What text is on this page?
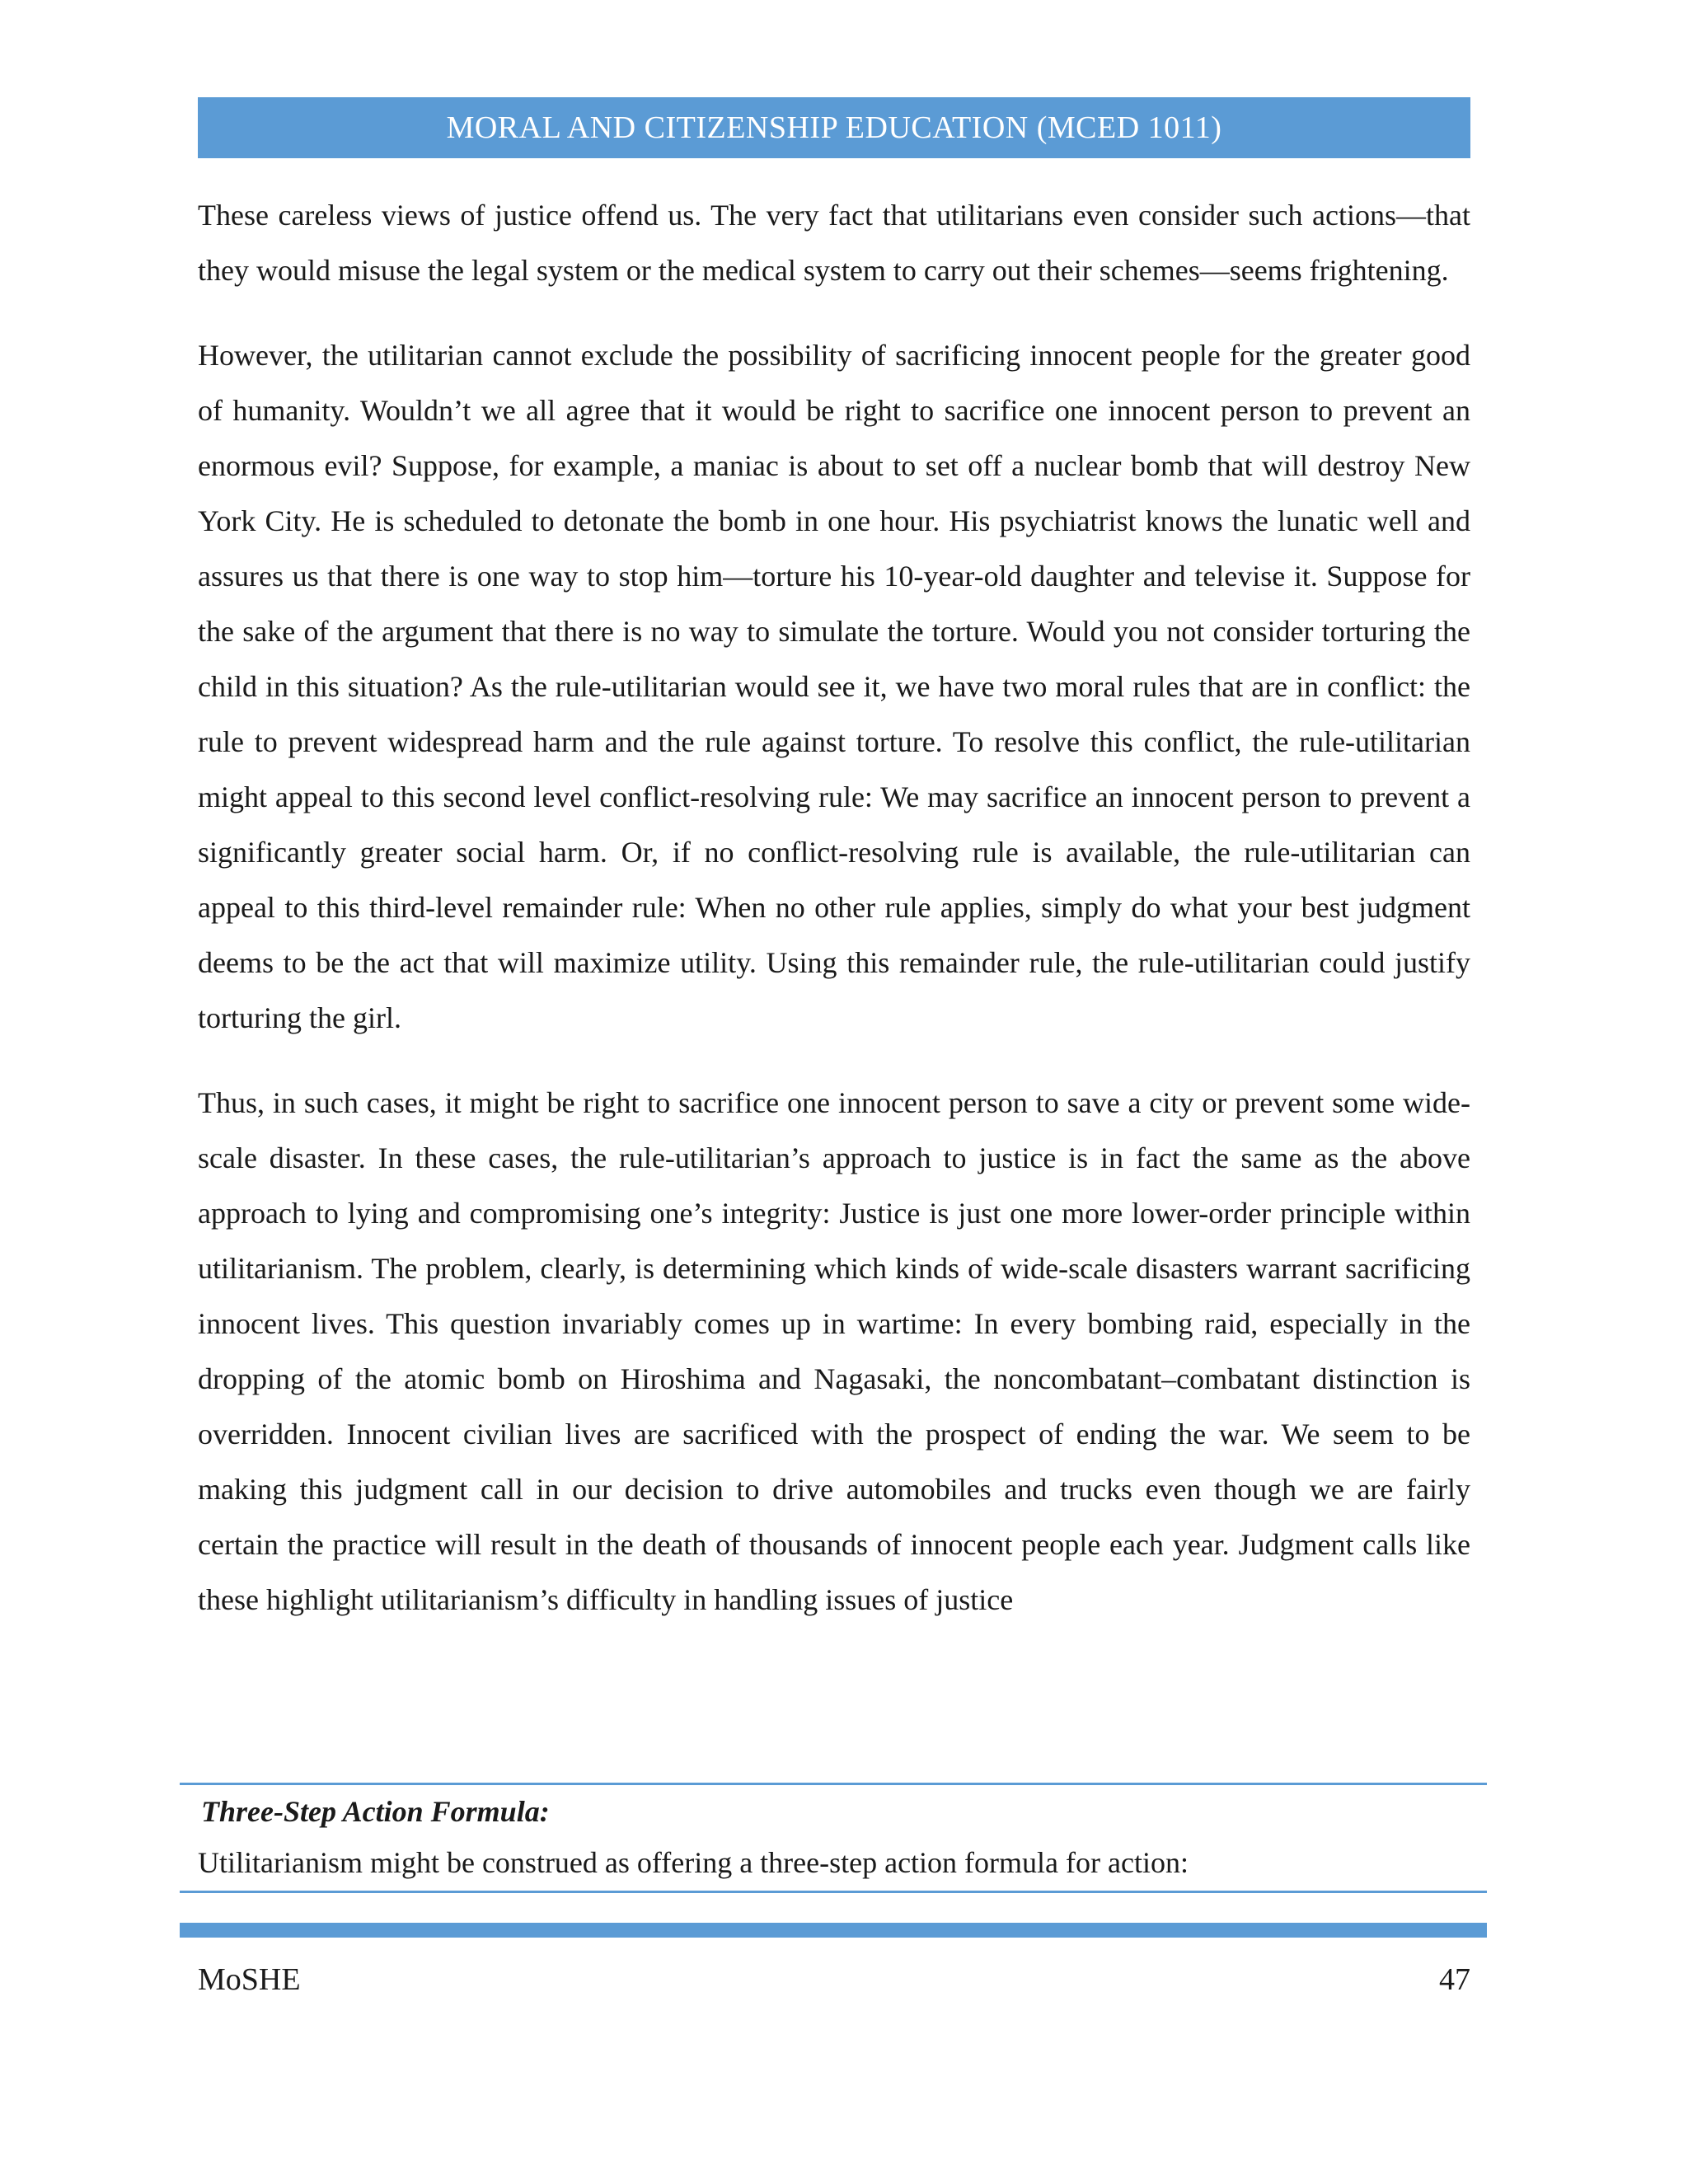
MORAL AND CITIZENSHIP EDUCATION (MCED 1011)

These careless views of justice offend us. The very fact that utilitarians even consider such actions—that they would misuse the legal system or the medical system to carry out their schemes—seems frightening.

However, the utilitarian cannot exclude the possibility of sacrificing innocent people for the greater good of humanity. Wouldn’t we all agree that it would be right to sacrifice one innocent person to prevent an enormous evil? Suppose, for example, a maniac is about to set off a nuclear bomb that will destroy New York City. He is scheduled to detonate the bomb in one hour. His psychiatrist knows the lunatic well and assures us that there is one way to stop him—torture his 10-year-old daughter and televise it. Suppose for the sake of the argument that there is no way to simulate the torture. Would you not consider torturing the child in this situation? As the rule-utilitarian would see it, we have two moral rules that are in conflict: the rule to prevent widespread harm and the rule against torture. To resolve this conflict, the rule-utilitarian might appeal to this second level conflict-resolving rule: We may sacrifice an innocent person to prevent a significantly greater social harm. Or, if no conflict-resolving rule is available, the rule-utilitarian can appeal to this third-level remainder rule: When no other rule applies, simply do what your best judgment deems to be the act that will maximize utility. Using this remainder rule, the rule-utilitarian could justify torturing the girl.

Thus, in such cases, it might be right to sacrifice one innocent person to save a city or prevent some wide-scale disaster. In these cases, the rule-utilitarian’s approach to justice is in fact the same as the above approach to lying and compromising one’s integrity: Justice is just one more lower-order principle within utilitarianism. The problem, clearly, is determining which kinds of wide-scale disasters warrant sacrificing innocent lives. This question invariably comes up in wartime: In every bombing raid, especially in the dropping of the atomic bomb on Hiroshima and Nagasaki, the noncombatant–combatant distinction is overridden. Innocent civilian lives are sacrificed with the prospect of ending the war. We seem to be making this judgment call in our decision to drive automobiles and trucks even though we are fairly certain the practice will result in the death of thousands of innocent people each year. Judgment calls like these highlight utilitarianism’s difficulty in handling issues of justice

Three-Step Action Formula:
Utilitarianism might be construed as offering a three-step action formula for action:
MoSHE	47
